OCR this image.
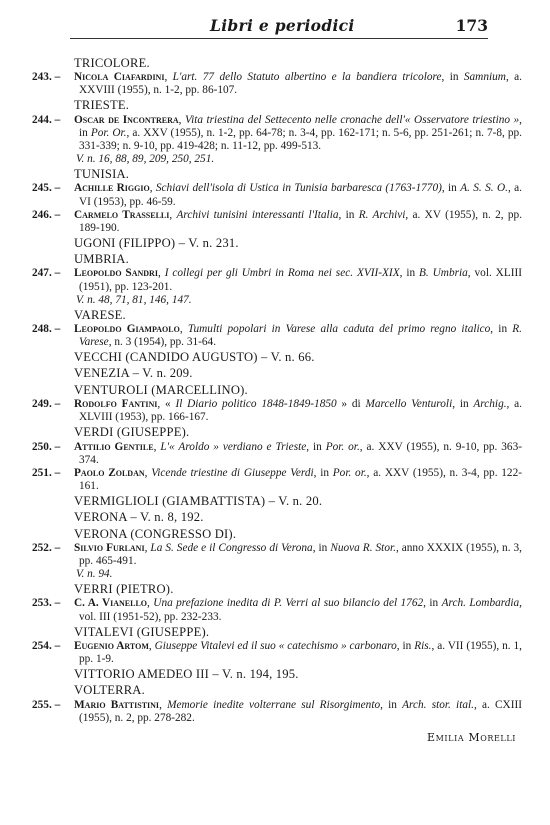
Libri e periodici	173
TRICOLORE.
243. – Nicola Ciafardini, L'art. 77 dello Statuto albertino e la bandiera tricolore, in Samnium, a. XXVIII (1955), n. 1-2, pp. 86-107.
TRIESTE.
244. – Oscar de Incontrera, Vita triestina del Settecento nelle cronache dell'« Osservatore triestino », in Por. Or., a. XXV (1955), n. 1-2, pp. 64-78; n. 3-4, pp. 162-171; n. 5-6, pp. 251-261; n. 7-8, pp. 331-339; n. 9-10, pp. 419-428; n. 11-12, pp. 499-513.
V. n. 16, 88, 89, 209, 250, 251.
TUNISIA.
245. – Achille Riggio, Schiavi dell'isola di Ustica in Tunisia barbaresca (1763-1770), in A. S. S. O., a. VI (1953), pp. 46-59.
246. – Carmelo Trasselli, Archivi tunisini interessanti l'Italia, in R. Archivi, a. XV (1955), n. 2, pp. 189-190.
UGONI (FILIPPO) – V. n. 231.
UMBRIA.
247. – Leopoldo Sandri, I collegi per gli Umbri in Roma nei sec. XVII-XIX, in B. Umbria, vol. XLIII (1951), pp. 123-201.
V. n. 48, 71, 81, 146, 147.
VARESE.
248. – Leopoldo Giampaolo, Tumulti popolari in Varese alla caduta del primo regno italico, in R. Varese, n. 3 (1954), pp. 31-64.
VECCHI (CANDIDO AUGUSTO) – V. n. 66.
VENEZIA – V. n. 209.
VENTUROLI (MARCELLINO).
249. – Rodolfo Fantini, « Il Diario politico 1848-1849-1850 » di Marcello Venturoli, in Archig., a. XLVIII (1953), pp. 166-167.
VERDI (GIUSEPPE).
250. – Attilio Gentile, L'« Aroldo » verdiano e Trieste, in Por. or., a. XXV (1955), n. 9-10, pp. 363-374.
251. – Paolo Zoldan, Vicende triestine di Giuseppe Verdi, in Por. or., a. XXV (1955), n. 3-4, pp. 122-161.
VERMIGLIOLI (GIAMBATTISTA) – V. n. 20.
VERONA – V. n. 8, 192.
VERONA (CONGRESSO DI).
252. – Silvio Furlani, La S. Sede e il Congresso di Verona, in Nuova R. Stor., anno XXXIX (1955), n. 3, pp. 465-491.
V. n. 94.
VERRI (PIETRO).
253. – C. A. Vianello, Una prefazione inedita di P. Verri al suo bilancio del 1762, in Arch. Lombardia, vol. III (1951-52), pp. 232-233.
VITALEVI (GIUSEPPE).
254. – Eugenio Artom, Giuseppe Vitalevi ed il suo « catechismo » carbonaro, in Ris., a. VII (1955), n. 1, pp. 1-9.
VITTORIO AMEDEO III – V. n. 194, 195.
VOLTERRA.
255. – Mario Battistini, Memorie inedite volterrane sul Risorgimento, in Arch. stor. ital., a. CXIII (1955), n. 2, pp. 278-282.
Emilia Morelli
